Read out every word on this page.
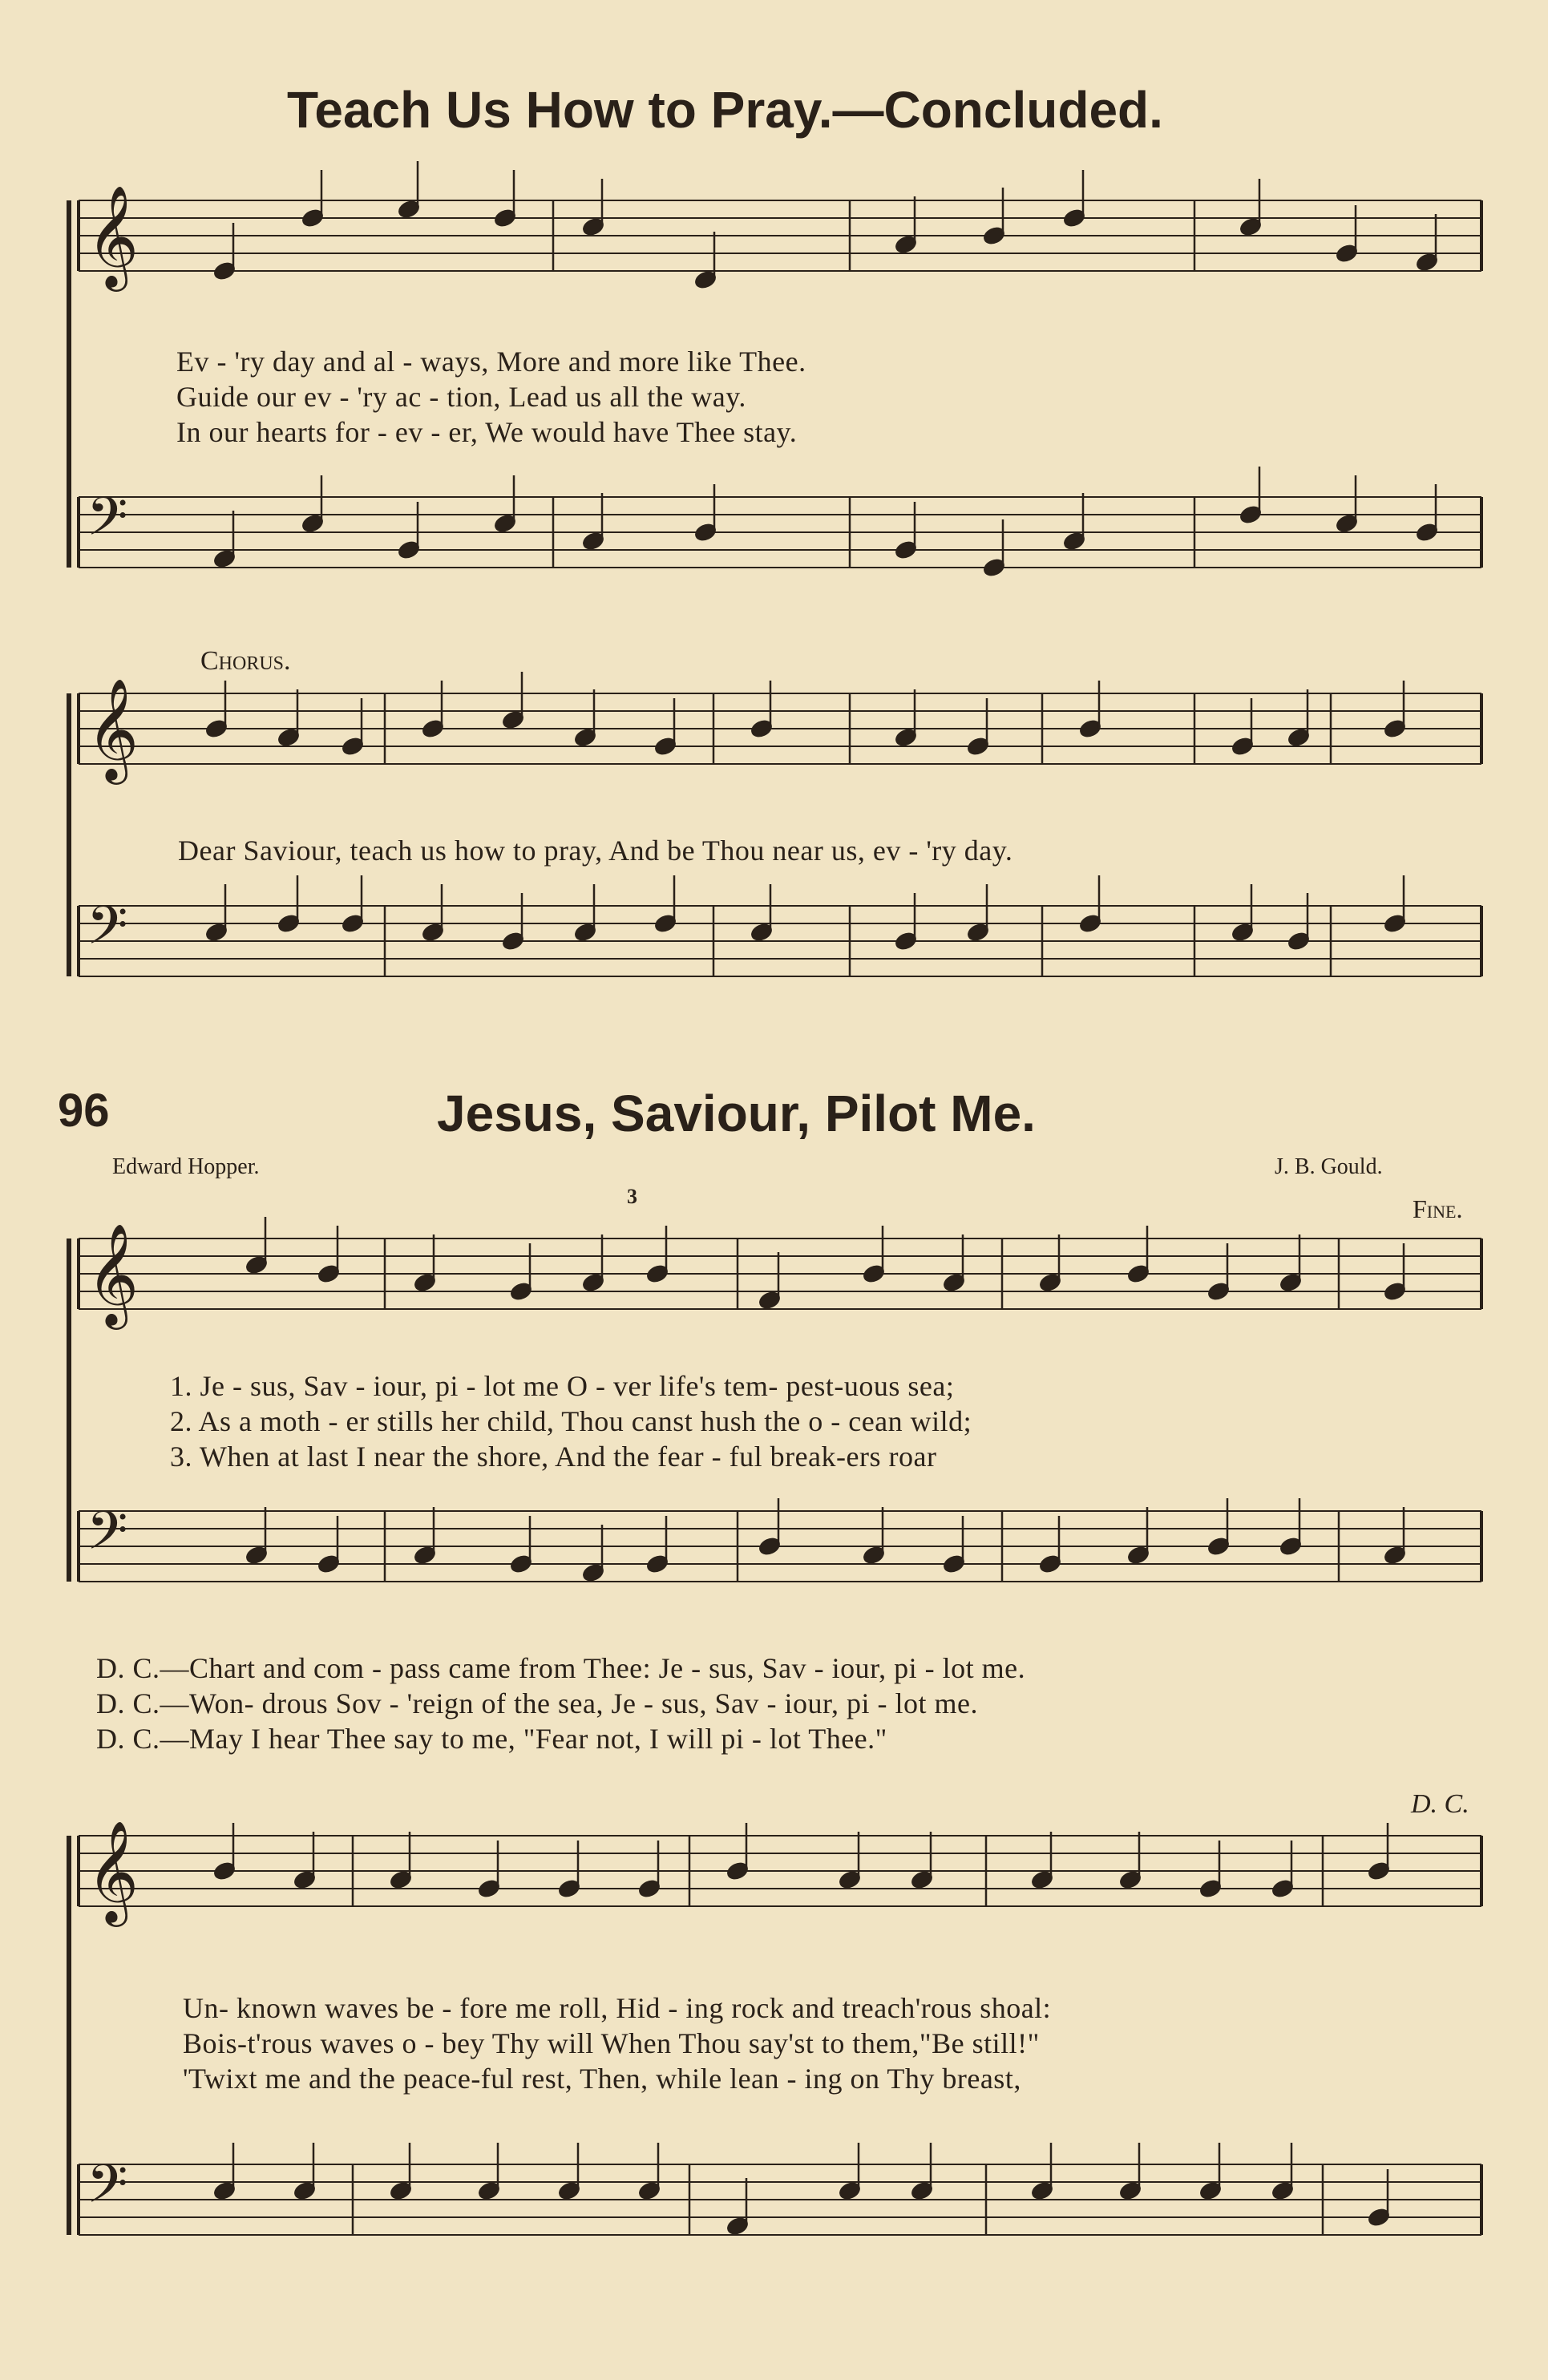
Teach Us How to Pray.—Concluded.
𝄞
𝄢
𝄞
𝄢
𝄞
𝄢
𝄞
𝄢
Ev - 'ry day and al - ways, More and more like Thee.
Guide our ev - 'ry ac - tion, Lead us all the way.
In our hearts for - ev - er, We would have Thee stay.
Chorus.
Dear Saviour, teach us how to pray, And be Thou near us, ev - 'ry day.
96	Jesus, Saviour, Pilot Me.
Edward Hopper.	J. B. Gould.
Fine.
3
1. Je - sus, Sav - iour, pi - lot me O - ver life's tem- pest-uous sea;
2. As a moth - er stills her child, Thou canst hush the o - cean wild;
3. When at last I near the shore, And the fear - ful break-ers roar
D. C.—Chart and com - pass came from Thee: Je - sus, Sav - iour, pi - lot me.
D. C.—Won- drous Sov - 'reign of the sea, Je - sus, Sav - iour, pi - lot me.
D. C.—May I hear Thee say to me, "Fear not, I will pi - lot Thee."
D. C.
Un- known waves be - fore me roll, Hid - ing rock and treach'rous shoal:
Bois-t'rous waves o - bey Thy will When Thou say'st to them,"Be still!"
'Twixt me and the peace-ful rest, Then, while lean - ing on Thy breast,
